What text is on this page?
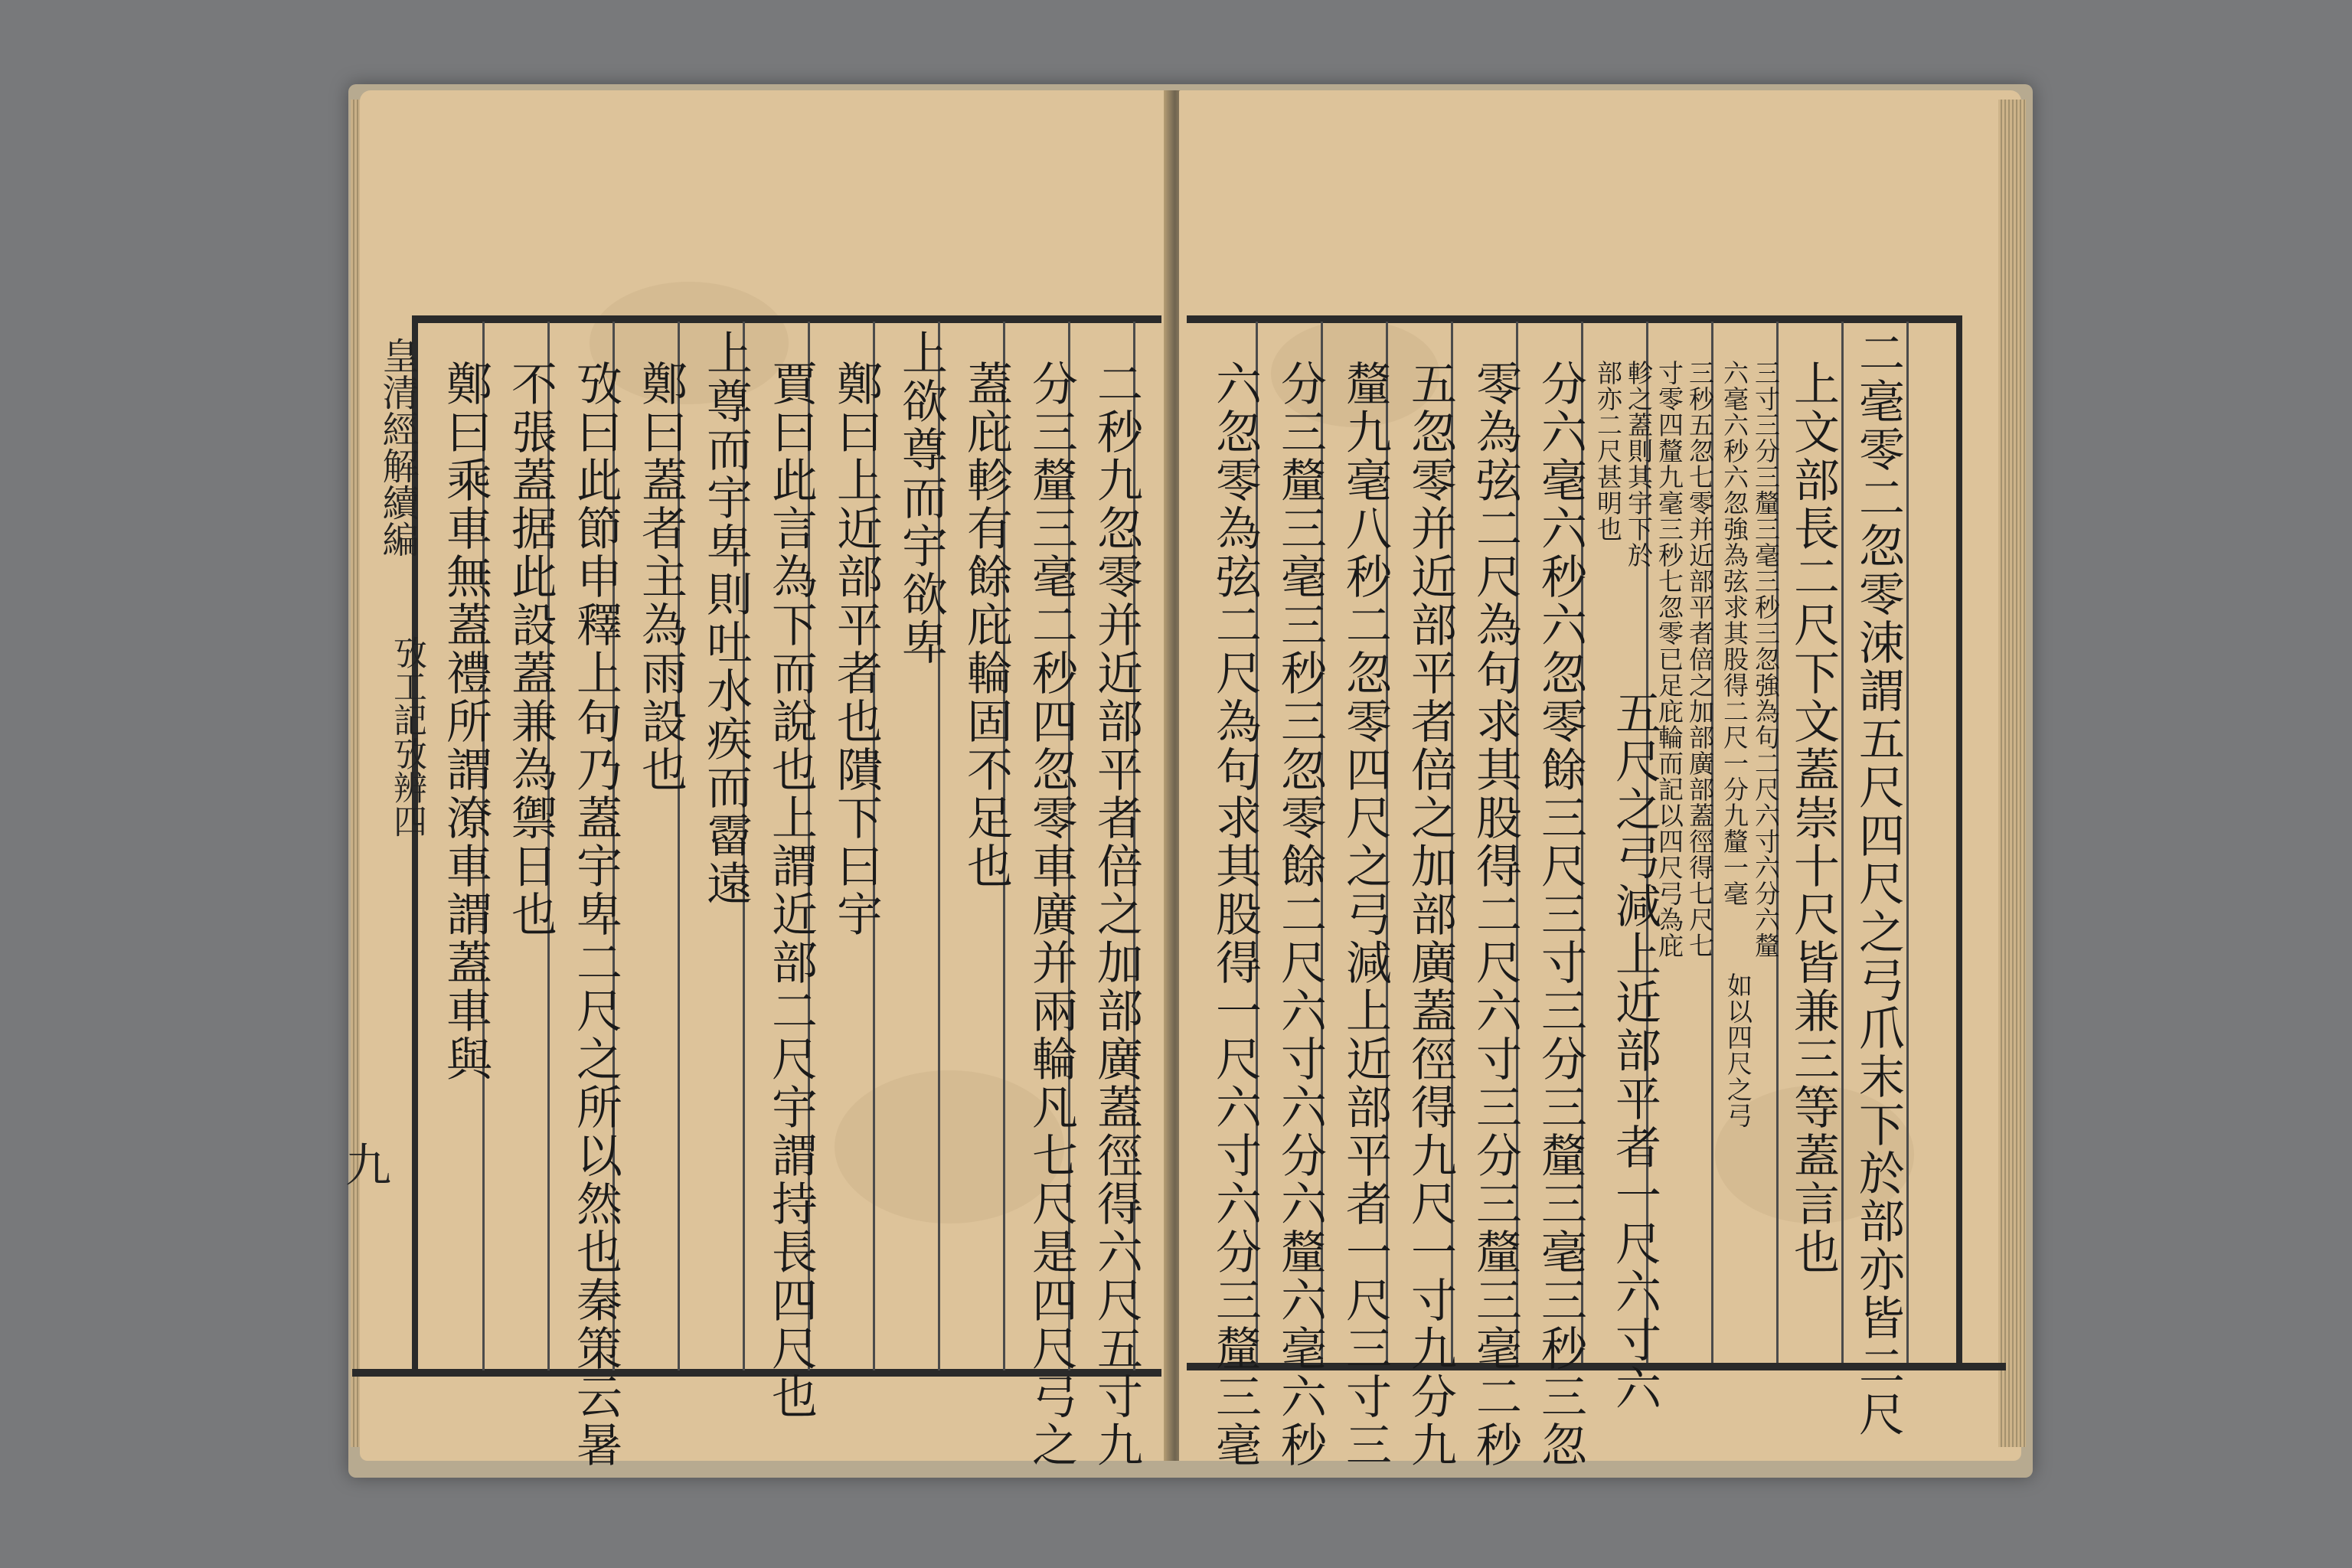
皇清經解續編
攷工記攷辨四
九	二秒九忽零并近部平者倍之加部廣蓋徑得六尺五寸九
分三釐三毫二秒四忽零車廣并兩輪凡七尺是四尺弓之
蓋庇軫有餘庇輪固不足也
上欲尊而宇欲卑
鄭曰上近部平者也隤下曰宇
賈曰此言為下而說也上謂近部二尺宇謂持長四尺也
上尊而宇卑則吐水疾而霤遠
鄭曰蓋者主為雨設也
攷曰此節申釋上句乃蓋宇卑二尺之所以然也秦策云暑
不張蓋据此設蓋兼為禦日也
鄭曰乘車無蓋禮所謂潦車謂蓋車與	二毫零二忽零涑謂五尺四尺之弓爪末下於部亦皆二尺
上文部長二尺下文蓋崇十尺皆兼三等蓋言也
如以四尺之弓
三寸三分三釐三毫三秒三忽強為句二尺六寸六分六釐
六毫六秒六忽強為弦求其股得二尺一分九釐一毫
三秒五忽七零并近部平者倍之加部廣部蓋徑得七尺七
寸零四釐九毫三秒七忽零已足庇輪而記以四尺弓為庇
軫之蓋則其宇下於
部亦二尺甚明也
五尺之弓減上近部平者一尺六寸六
分六毫六秒六忽零餘三尺三寸三分三釐三毫三秒三忽
零為弦二尺為句求其股得二尺六寸三分三釐三毫二秒
五忽零并近部平者倍之加部廣蓋徑得九尺一寸九分九
釐九毫八秒二忽零四尺之弓減上近部平者一尺三寸三
分三釐三毫三秒三忽零餘二尺六寸六分六釐六毫六秒
六忽零為弦二尺為句求其股得一尺六寸六分三釐三毫
